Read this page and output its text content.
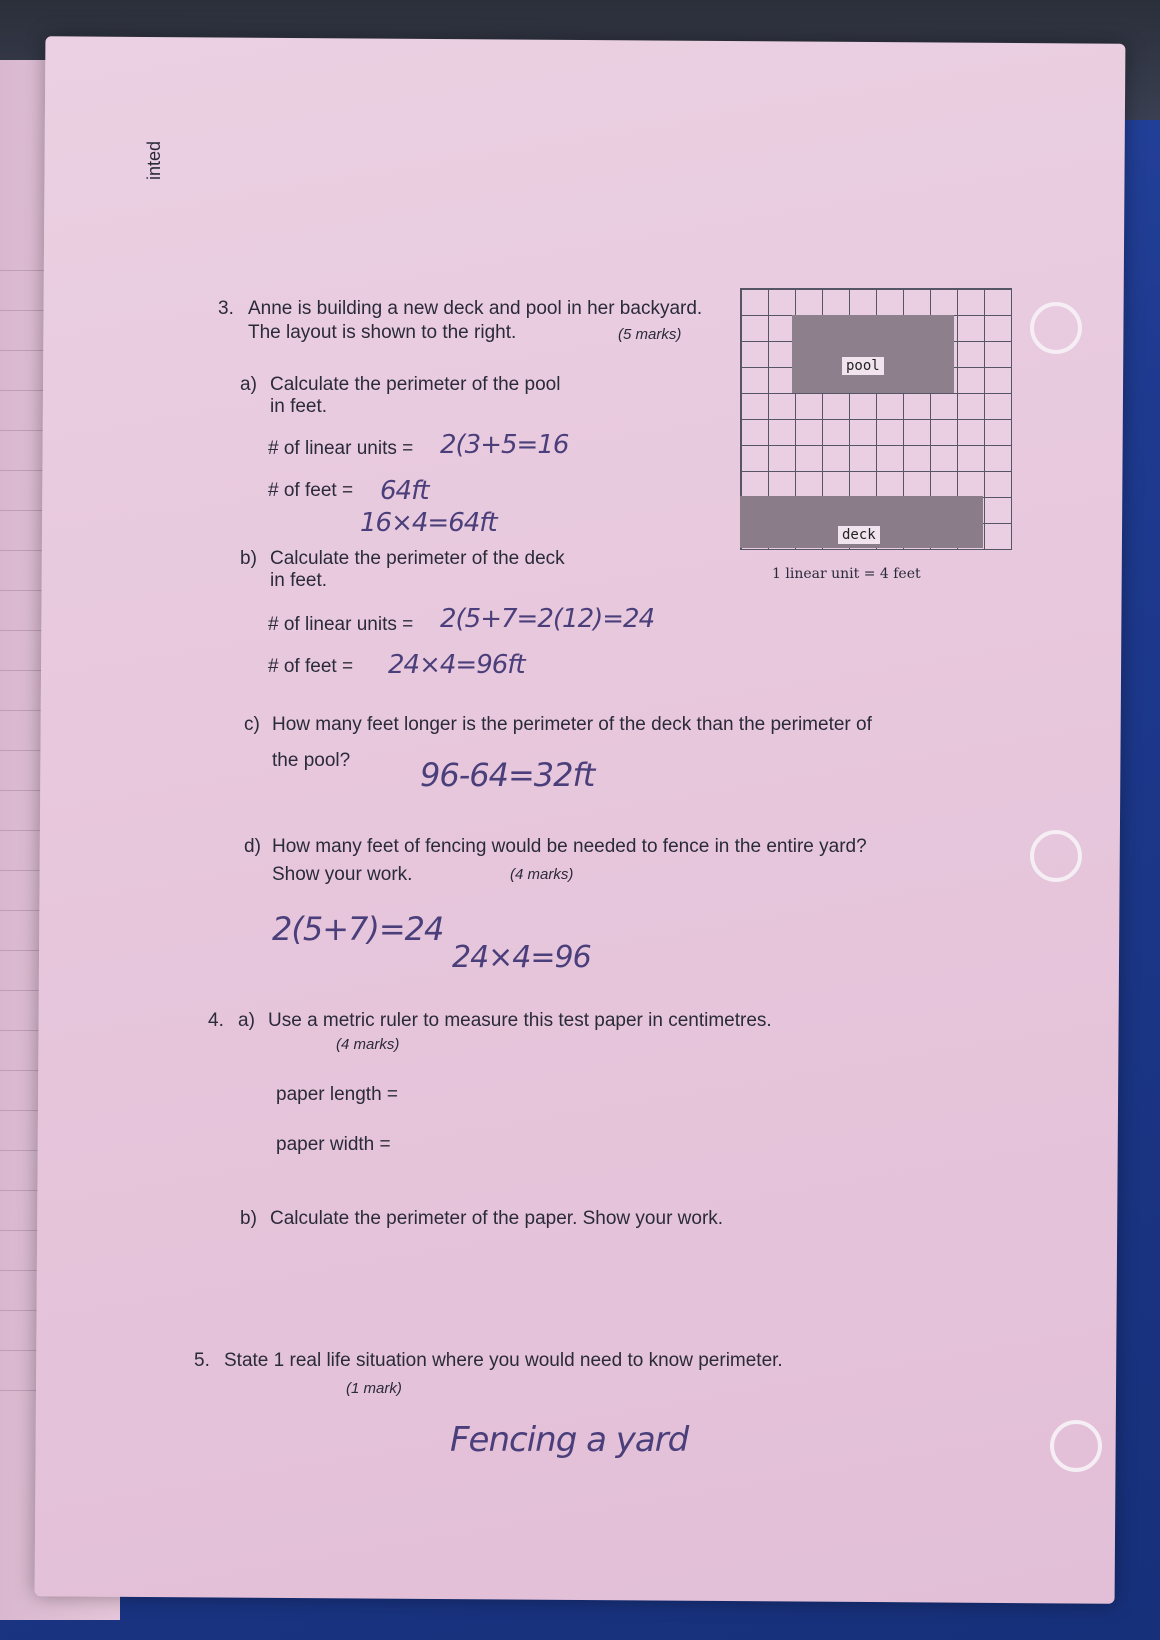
inted
3. Anne is building a new deck and pool in her backyard.
The layout is shown to the right.	(5 marks)
a) Calculate the perimeter of the pool
in feet.
# of linear units = 2(3+5=16
# of feet = 64ft
16×4=64ft
b) Calculate the perimeter of the deck
in feet.
# of linear units = 2(5+7=2(12)=24
# of feet = 24×4=96ft
c) How many feet longer is the perimeter of the deck than the perimeter of
the pool? 96-64=32ft
d) How many feet of fencing would be needed to fence in the entire yard?
Show your work.	(4 marks)
2(5+7)=24
24×4=96
pool
deck
1 linear unit = 4 feet
4. a) Use a metric ruler to measure this test paper in centimetres.
(4 marks)
paper length =
paper width =
b) Calculate the perimeter of the paper. Show your work.
5. State 1 real life situation where you would need to know perimeter.
(1 mark)
Fencing a yard
